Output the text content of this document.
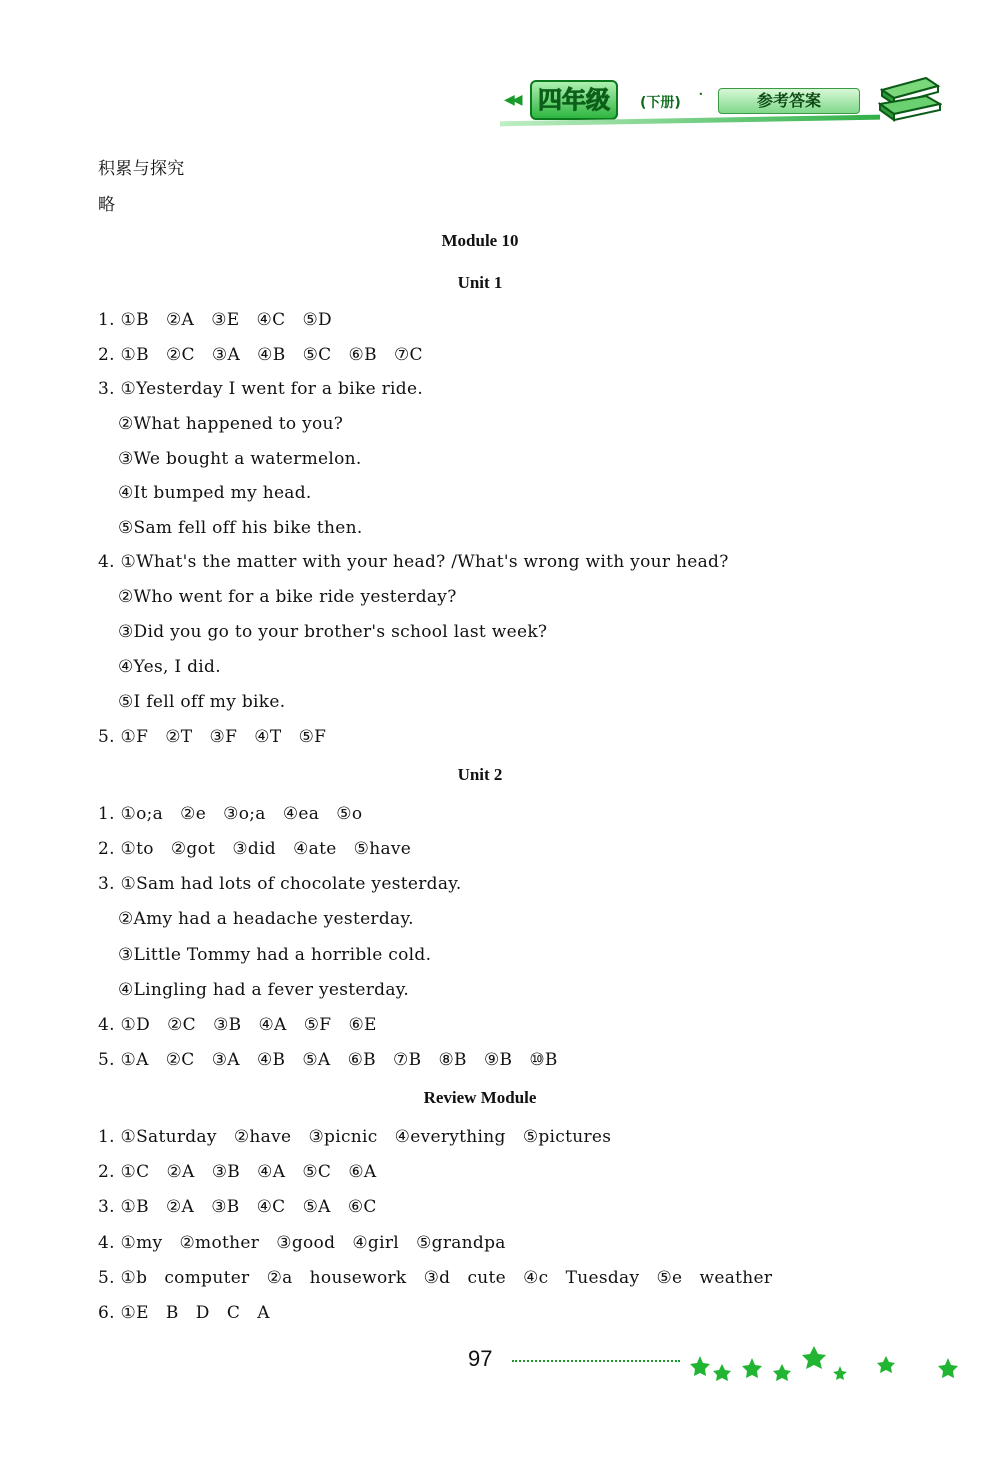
◀◀ 四年级	(下册) ·	参考答案
积累与探究
略
Module 10
Unit 1
1. ①B   ②A   ③E   ④C   ⑤D
2. ①B   ②C   ③A   ④B   ⑤C   ⑥B   ⑦C
3. ①Yesterday I went for a bike ride.
②What happened to you?
③We bought a watermelon.
④It bumped my head.
⑤Sam fell off his bike then.
4. ①What's the matter with your head? /What's wrong with your head?
②Who went for a bike ride yesterday?
③Did you go to your brother's school last week?
④Yes, I did.
⑤I fell off my bike.
5. ①F   ②T   ③F   ④T   ⑤F
Unit 2
1. ①o;a   ②e   ③o;a   ④ea   ⑤o
2. ①to   ②got   ③did   ④ate   ⑤have
3. ①Sam had lots of chocolate yesterday.
②Amy had a headache yesterday.
③Little Tommy had a horrible cold.
④Lingling had a fever yesterday.
4. ①D   ②C   ③B   ④A   ⑤F   ⑥E
5. ①A   ②C   ③A   ④B   ⑤A   ⑥B   ⑦B   ⑧B   ⑨B   ⑩B
Review Module
1. ①Saturday   ②have   ③picnic   ④everything   ⑤pictures
2. ①C   ②A   ③B   ④A   ⑤C   ⑥A
3. ①B   ②A   ③B   ④C   ⑤A   ⑥C
4. ①my   ②mother   ③good   ④girl   ⑤grandpa
5. ①b   computer   ②a   housework   ③d   cute   ④c   Tuesday   ⑤e   weather
6. ①E   B   D   C   A
97
